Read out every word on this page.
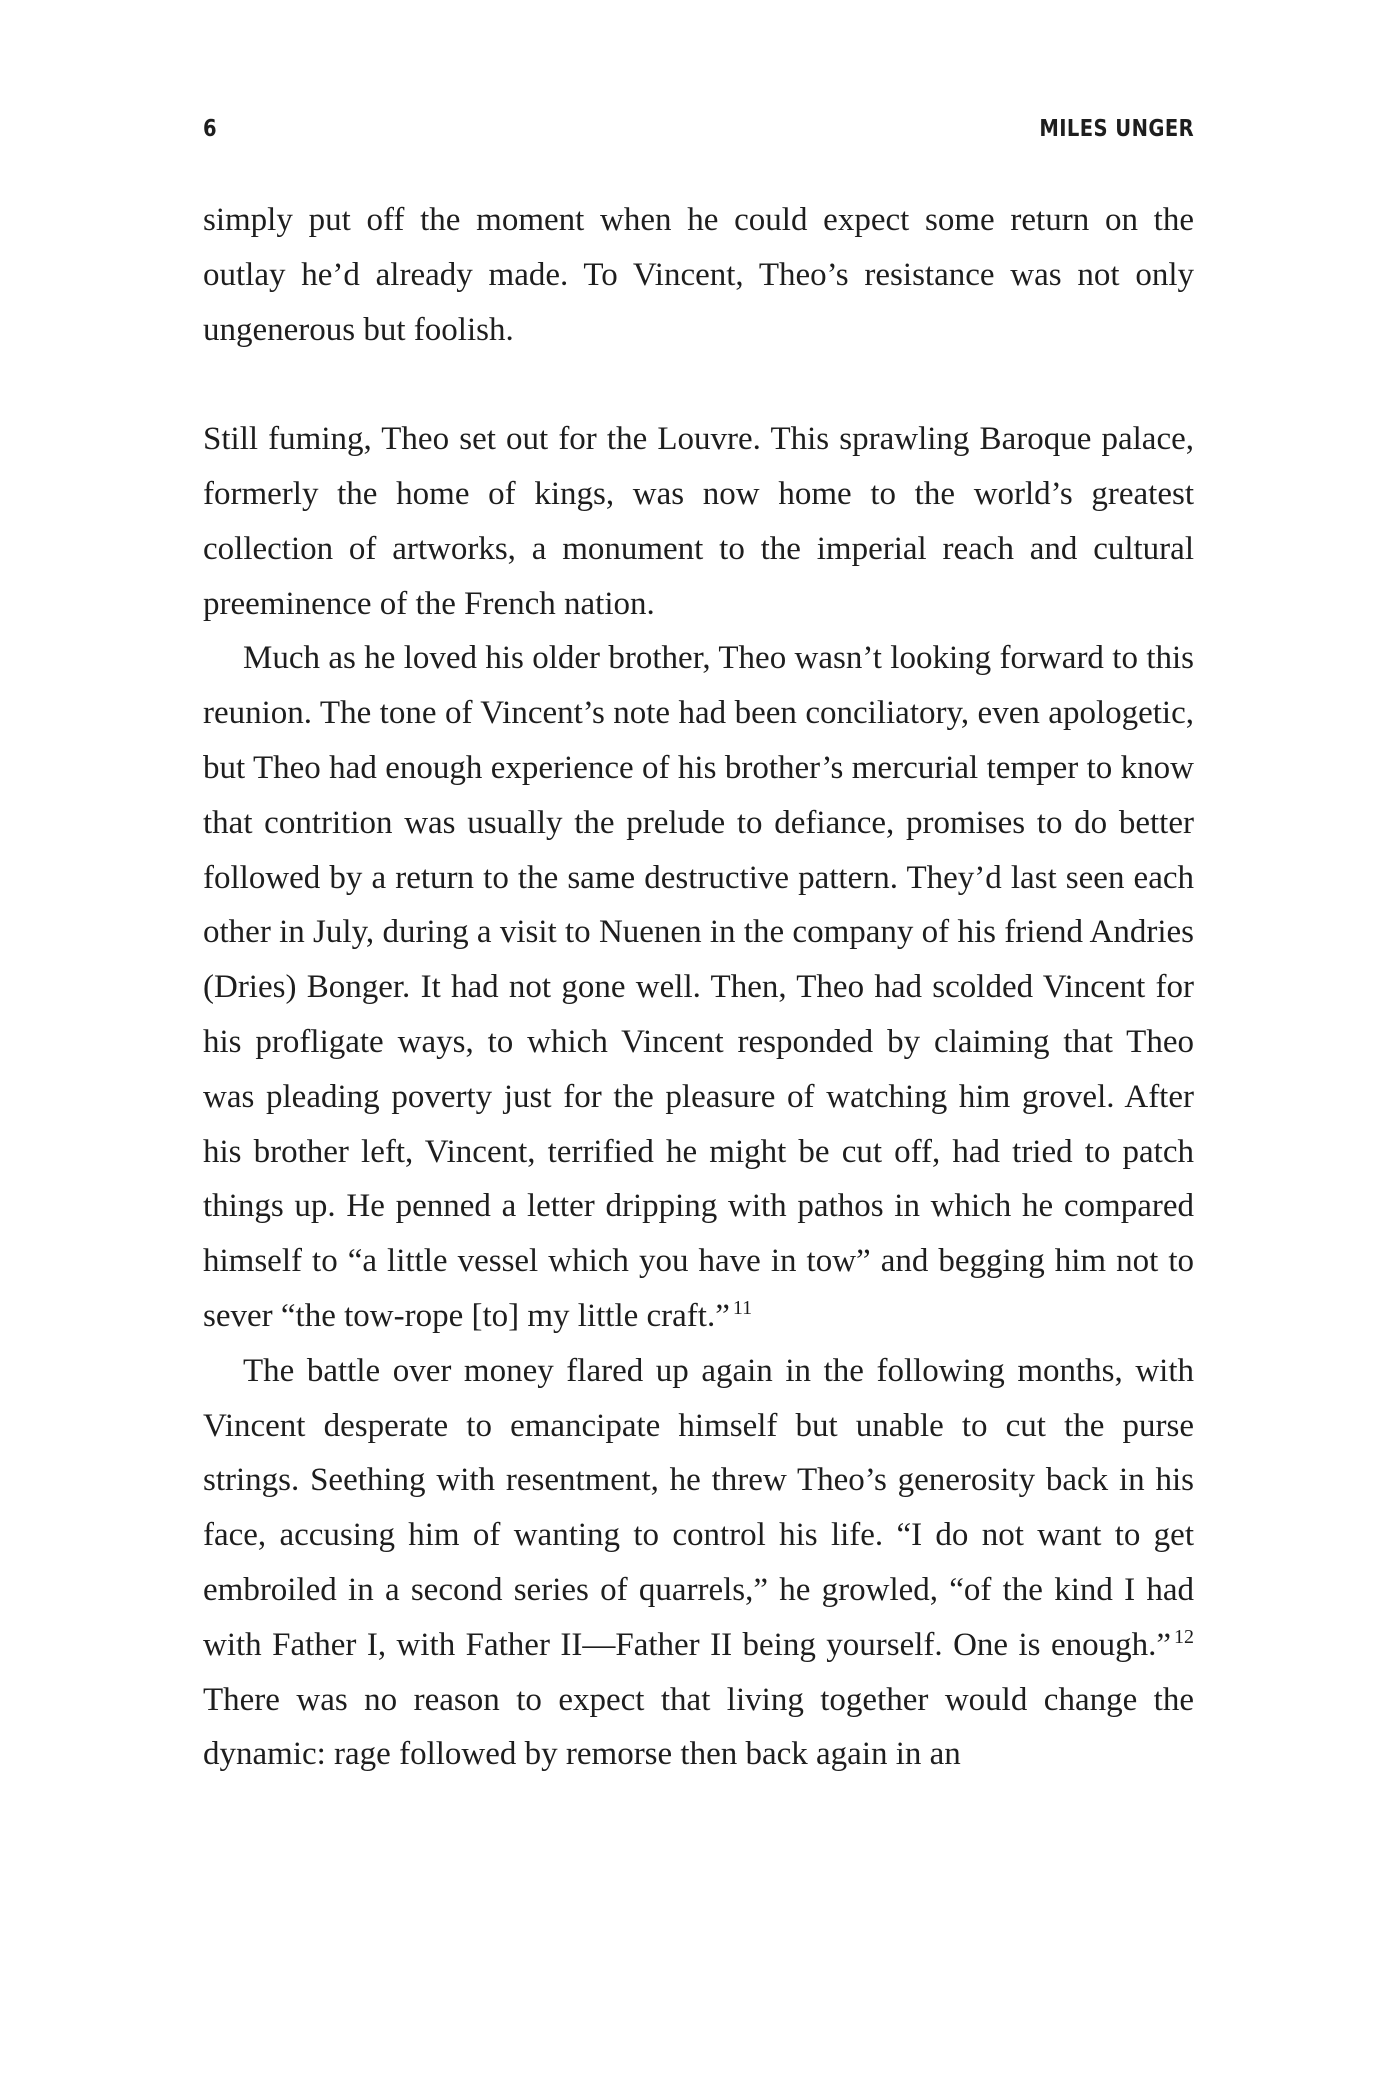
6	MILES UNGER

simply put off the moment when he could expect some return on the outlay he’d already made. To Vincent, Theo’s resistance was not only ungenerous but foolish.

Still fuming, Theo set out for the Louvre. This sprawling Baroque palace, formerly the home of kings, was now home to the world’s greatest collection of artworks, a monument to the imperial reach and cultural preeminence of the French nation.

Much as he loved his older brother, Theo wasn’t looking forward to this reunion. The tone of Vincent’s note had been conciliatory, even apologetic, but Theo had enough experience of his brother’s mercurial temper to know that contrition was usually the prelude to defiance, promises to do better followed by a return to the same destructive pattern. They’d last seen each other in July, during a visit to Nuenen in the company of his friend Andries (Dries) Bonger. It had not gone well. Then, Theo had scolded Vincent for his profligate ways, to which Vincent responded by claiming that Theo was pleading poverty just for the pleasure of watching him grovel. After his brother left, Vincent, terrified he might be cut off, had tried to patch things up. He penned a letter dripping with pathos in which he compared himself to “a little vessel which you have in tow” and begging him not to sever “the tow-rope [to] my little craft.” $^{11}$

The battle over money flared up again in the following months, with Vincent desperate to emancipate himself but unable to cut the purse strings. Seething with resentment, he threw Theo’s generosity back in his face, accusing him of wanting to control his life. “I do not want to get embroiled in a second series of quarrels,” he growled, “of the kind I had with Father I, with Father II—Father II being yourself. One is enough.” $^{12}$ There was no reason to expect that living together would change the dynamic: rage followed by remorse then back again in an
